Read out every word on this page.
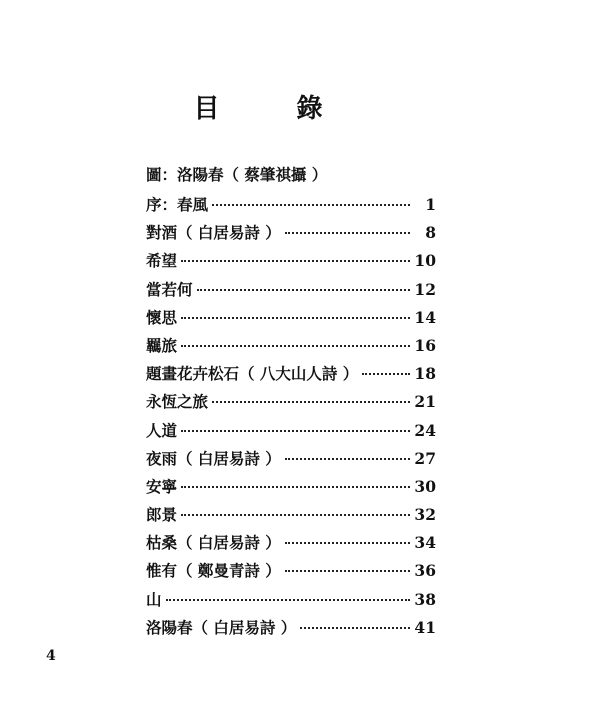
目 錄
圖：洛陽春（ 蔡肇祺攝 ）
序：春風	1
對酒（ 白居易詩 ）	8
希望	10
當若何	12
懷思	14
羈旅	16
題畫花卉松石（ 八大山人詩 ）	18
永恆之旅	21
人道	24
夜雨（ 白居易詩 ）	27
安寧	30
郎景	32
枯桑（ 白居易詩 ）	34
惟有（ 鄭曼青詩 ）	36
山	38
洛陽春（ 白居易詩 ）	41
4
